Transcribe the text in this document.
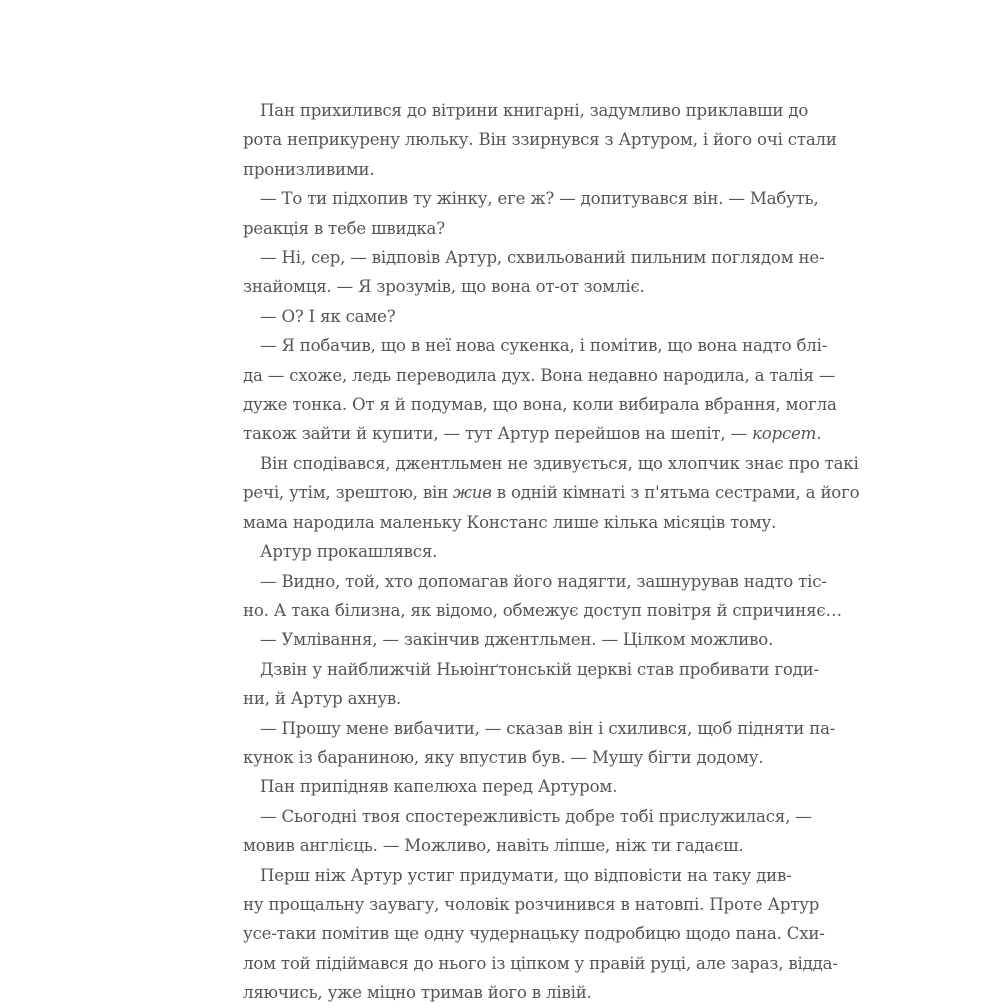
Пан прихилився до вітрини книгарні, задумливо приклавши до
рота неприкурену люльку. Він ззирнувся з Артуром, і його очі стали
пронизливими.

— То ти підхопив ту жінку, еге ж? — допитувався він. — Мабуть,
реакція в тебе швидка?

— Ні, сер, — відповів Артур, схвильований пильним поглядом не-
знайомця. — Я зрозумів, що вона от-от зомліє.

— О? І як саме?

— Я побачив, що в неї нова сукенка, і помітив, що вона надто блі-
да — схоже, ледь переводила дух. Вона недавно народила, а талія —
дуже тонка. От я й подумав, що вона, коли вибирала вбрання, могла
також зайти й купити, — тут Артур перейшов на шепіт, — корсет.

Він сподівався, джентльмен не здивується, що хлопчик знає про такі
речі, утім, зрештою, він жив в одній кімнаті з п'ятьма сестрами, а його
мама народила маленьку Констанс лише кілька місяців тому.

Артур прокашлявся.

— Видно, той, хто допомагав його надягти, зашнурував надто тіс-
но. А така білизна, як відомо, обмежує доступ повітря й спричиняє…

— Умлівання, — закінчив джентльмен. — Цілком можливо.

Дзвін у найближчій Ньюінґтонській церкві став пробивати годи-
ни, й Артур ахнув.

— Прошу мене вибачити, — сказав він і схилився, щоб підняти па-
кунок із бараниною, яку впустив був. — Мушу бігти додому.

Пан припідняв капелюха перед Артуром.

— Сьогодні твоя спостережливість добре тобі прислужилася, —
мовив англієць. — Можливо, навіть ліпше, ніж ти гадаєш.

Перш ніж Артур устиг придумати, що відповісти на таку див-
ну прощальну заувагу, чоловік розчинився в натовпі. Проте Артур
усе-таки помітив ще одну чудернацьку подробицю щодо пана. Схи-
лом той підіймався до нього із ціпком у правій руці, але зараз, відда-
ляючись, уже міцно тримав його в лівій.
